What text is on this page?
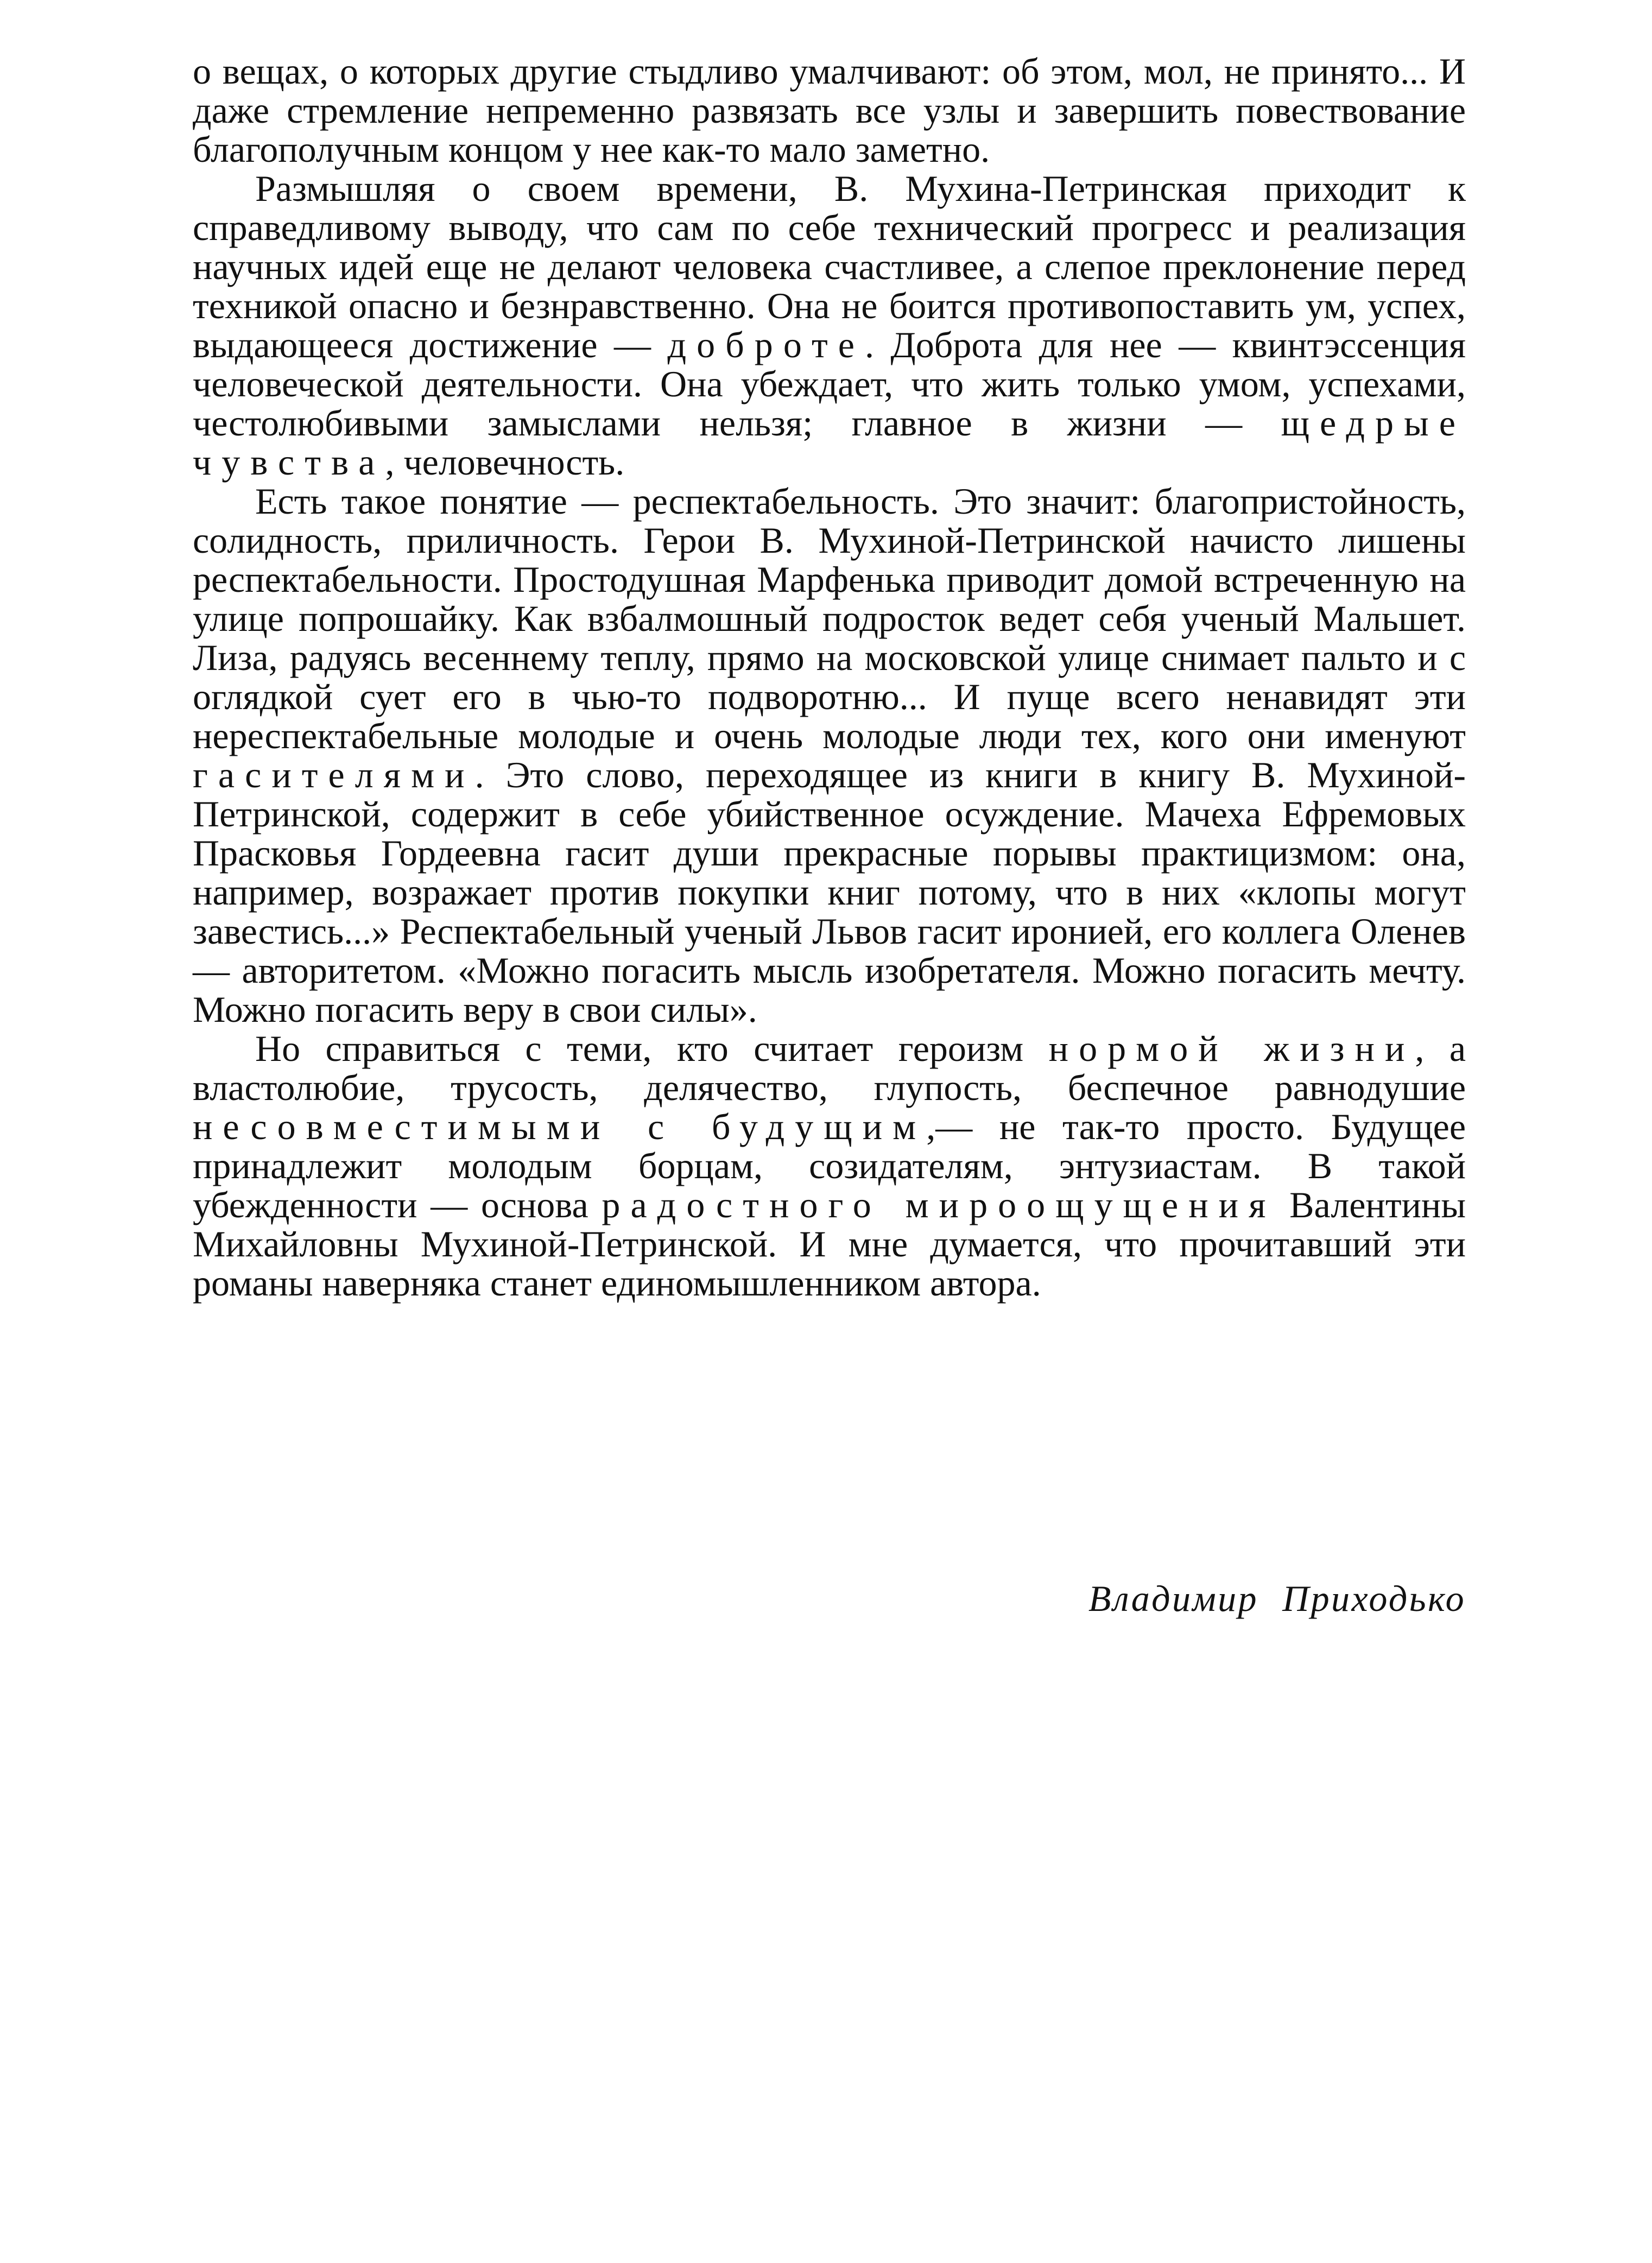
о вещах, о которых другие стыдливо умалчивают: об этом, мол, не принято... И даже стремление непременно развязать все узлы и завершить повествование благополучным концом у нее как-то мало заметно.

Размышляя о своем времени, В. Мухина-Петринская приходит к справедливому выводу, что сам по себе технический прогресс и реализация научных идей еще не делают человека счастливее, а слепое преклонение перед техникой опасно и безнравственно. Она не боится противопоставить ум, успех, выдающееся достижение — доброте. Доброта для нее — квинтэссенция человеческой деятельности. Она убеждает, что жить только умом, успехами, честолюбивыми замыслами нельзя; главное в жизни — щедрые чувства, человечность.

Есть такое понятие — респектабельность. Это значит: благопристойность, солидность, приличность. Герои В. Мухиной-Петринской начисто лишены респектабельности. Простодушная Марфенька приводит домой встреченную на улице попрошайку. Как взбалмошный подросток ведет себя ученый Мальшет. Лиза, радуясь весеннему теплу, прямо на московской улице снимает пальто и с оглядкой сует его в чью-то подворотню... И пуще всего ненавидят эти нереспектабельные молодые и очень молодые люди тех, кого они именуют гасителями. Это слово, переходящее из книги в книгу В. Мухиной-Петринской, содержит в себе убийственное осуждение. Мачеха Ефремовых Прасковья Гордеевна гасит души прекрасные порывы практицизмом: она, например, возражает против покупки книг потому, что в них «клопы могут завестись...» Респектабельный ученый Львов гасит иронией, его коллега Оленев — авторитетом. «Можно погасить мысль изобретателя. Можно погасить мечту. Можно погасить веру в свои силы».

Но справиться с теми, кто считает героизм нормой жизни, а властолюбие, трусость, делячество, глупость, беспечное равнодушие несовместимыми с будущим,— не так-то просто. Будущее принадлежит молодым борцам, созидателям, энтузиастам. В такой убежденности — основа радостного мироощущения Валентины Михайловны Мухиной-Петринской. И мне думается, что прочитавший эти романы наверняка станет единомышленником автора.

Владимир Приходько
